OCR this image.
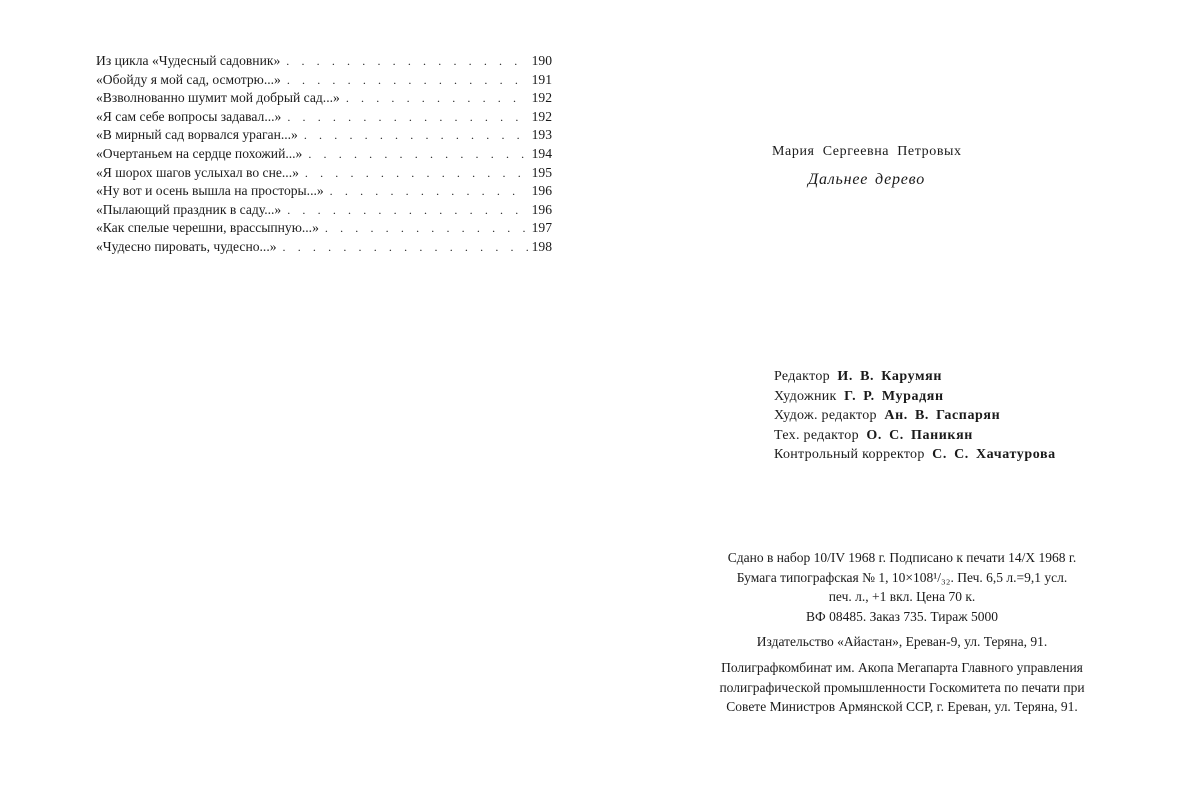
Из цикла «Чудесный садовник» . . .	190
«Обойду я мой сад, осмотрю...» . . .	191
«Взволнованно шумит мой добрый сад...» . . .	192
«Я сам себе вопросы задавал...» . . .	192
«В мирный сад ворвался ураган...» . . .	193
«Очертаньем на сердце похожий...» . . .	194
«Я шорох шагов услыхал во сне...» . . .	195
«Ну вот и осень вышла на просторы...» . . .	196
«Пылающий праздник в саду...» . . .	196
«Как спелые черешни, врассыпную...» . . .	197
«Чудесно пировать, чудесно...» . . .	198
Мария Сергеевна Петровых
Дальнее дерево
Редактор И. В. Карумян
Художник Г. Р. Мурадян
Худож. редактор Ан. В. Гаспарян
Тех. редактор О. С. Паникян
Контрольный корректор С. С. Хачатурова

Сдано в набор 10/IV 1968 г. Подписано к печати 14/X 1968 г.

Бумага типографская № 1, 10×108¹/₃₂. Печ. 6,5 л.=9,1 усл.

печ. л., +1 вкл. Цена 70 к.

ВФ 08485. Заказ 735. Тираж 5000

Издательство «Айастан», Ереван-9, ул. Теряна, 91.

Полиграфкомбинат им. Акопа Мегапарта Главного управления

полиграфической промышленности Госкомитета по печати при

Совете Министров Армянской ССР, г. Ереван, ул. Теряна, 91.
